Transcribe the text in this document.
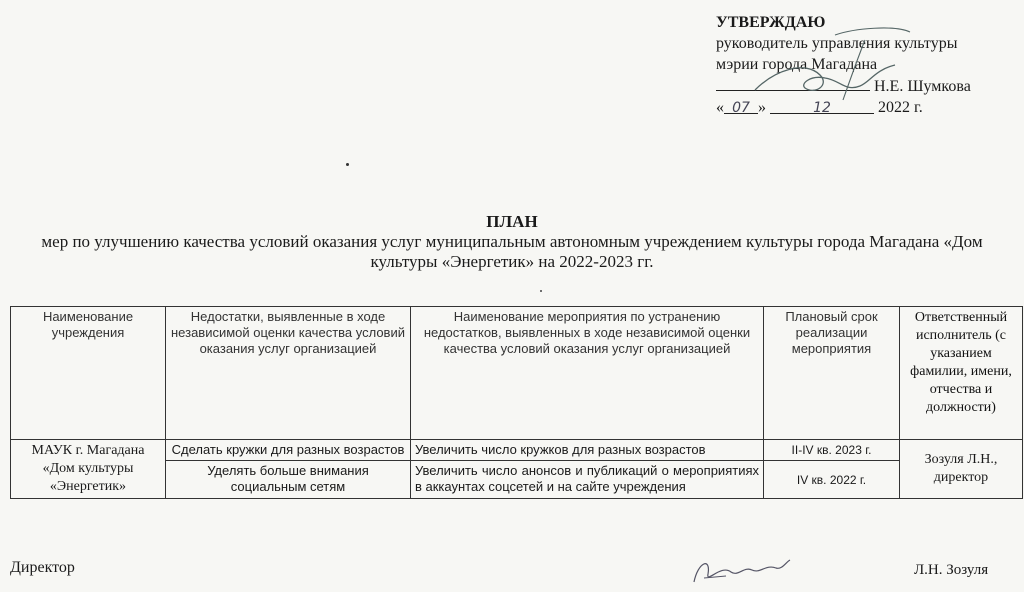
УТВЕРЖДАЮ
руководитель управления культуры
мэрии города Магадана
Н.Е. Шумкова
« 07 »	12	2022 г.
ПЛАН
мер по улучшению качества условий оказания услуг муниципальным автономным учреждением культуры города Магадана «Дом культуры «Энергетик» на 2022-2023 гг.
Наименование учреждения	Недостатки, выявленные в ходе независимой оценки качества условий оказания услуг организацией	Наименование мероприятия по устранению недостатков, выявленных в ходе независимой оценки качества условий оказания услуг организацией	Плановый срок реализации мероприятия	Ответственный исполнитель (с указанием фамилии, имени, отчества и должности)
МАУК г. Магадана «Дом культуры «Энергетик»	Сделать кружки для разных возрастов	Увеличить число кружков для разных возрастов	II-IV кв. 2023 г.	Зозуля Л.Н., директор
	Уделять больше внимания социальным сетям	Увеличить число анонсов и публикаций о мероприятиях в аккаунтах соцсетей и на сайте учреждения	IV кв. 2022 г.	
Директор	Л.Н. Зозуля
